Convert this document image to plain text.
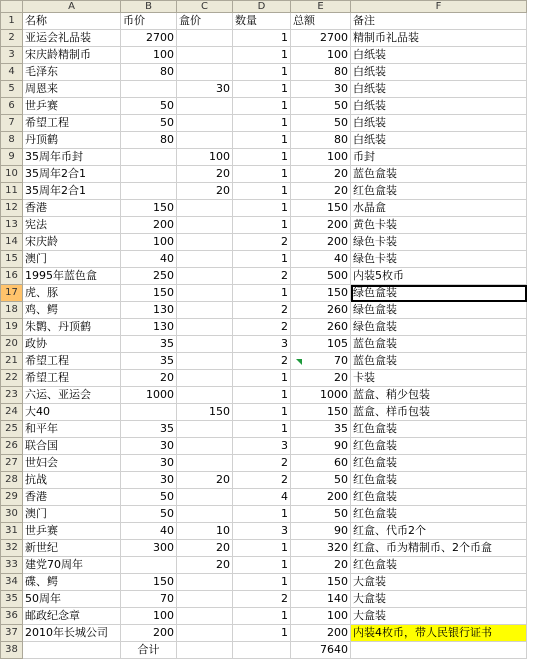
	A	B	C	D	E	F
1	名称	币价	盒价	数量	总额	备注
2	亚运会礼品装	2700		1	2700	精制币礼品装
3	宋庆龄精制币	100		1	100	白纸装
4	毛泽东	80		1	80	白纸装
5	周恩来		30	1	30	白纸装
6	世乒赛	50		1	50	白纸装
7	希望工程	50		1	50	白纸装
8	丹顶鹤	80		1	80	白纸装
9	35周年币封		100	1	100	币封
10	35周年2合1		20	1	20	蓝色盒装
11	35周年2合1		20	1	20	红色盒装
12	香港	150		1	150	水晶盒
13	宪法	200		1	200	黄色卡装
14	宋庆龄	100		2	200	绿色卡装
15	澳门	40		1	40	绿色卡装
16	1995年蓝色盒	250		2	500	内装5枚币
17	虎、豚	150		1	150	绿色盒装
18	鸡、鳄	130		2	260	绿色盒装
19	朱鹮、丹顶鹤	130		2	260	绿色盒装
20	政协	35		3	105	蓝色盒装
21	希望工程	35		2	70	蓝色盒装
22	希望工程	20		1	20	卡装
23	六运、亚运会	1000		1	1000	蓝盒、稍少包装
24	大40		150	1	150	蓝盒、样币包装
25	和平年	35		1	35	红色盒装
26	联合国	30		3	90	红色盒装
27	世妇会	30		2	60	红色盒装
28	抗战	30	20	2	50	红色盒装
29	香港	50		4	200	红色盒装
30	澳门	50		1	50	红色盒装
31	世乒赛	40	10	3	90	红盒、代币2个
32	新世纪	300	20	1	320	红盒、币为精制币、2个币盒
33	建党70周年		20	1	20	红色盒装
34	碟、鳄	150		1	150	大盒装
35	50周年	70		2	140	大盒装
36	邮政纪念章	100		1	100	大盒装
37	2010年长城公司	200		1	200	内装4枚币，带人民银行证书
38		合计			7640	
